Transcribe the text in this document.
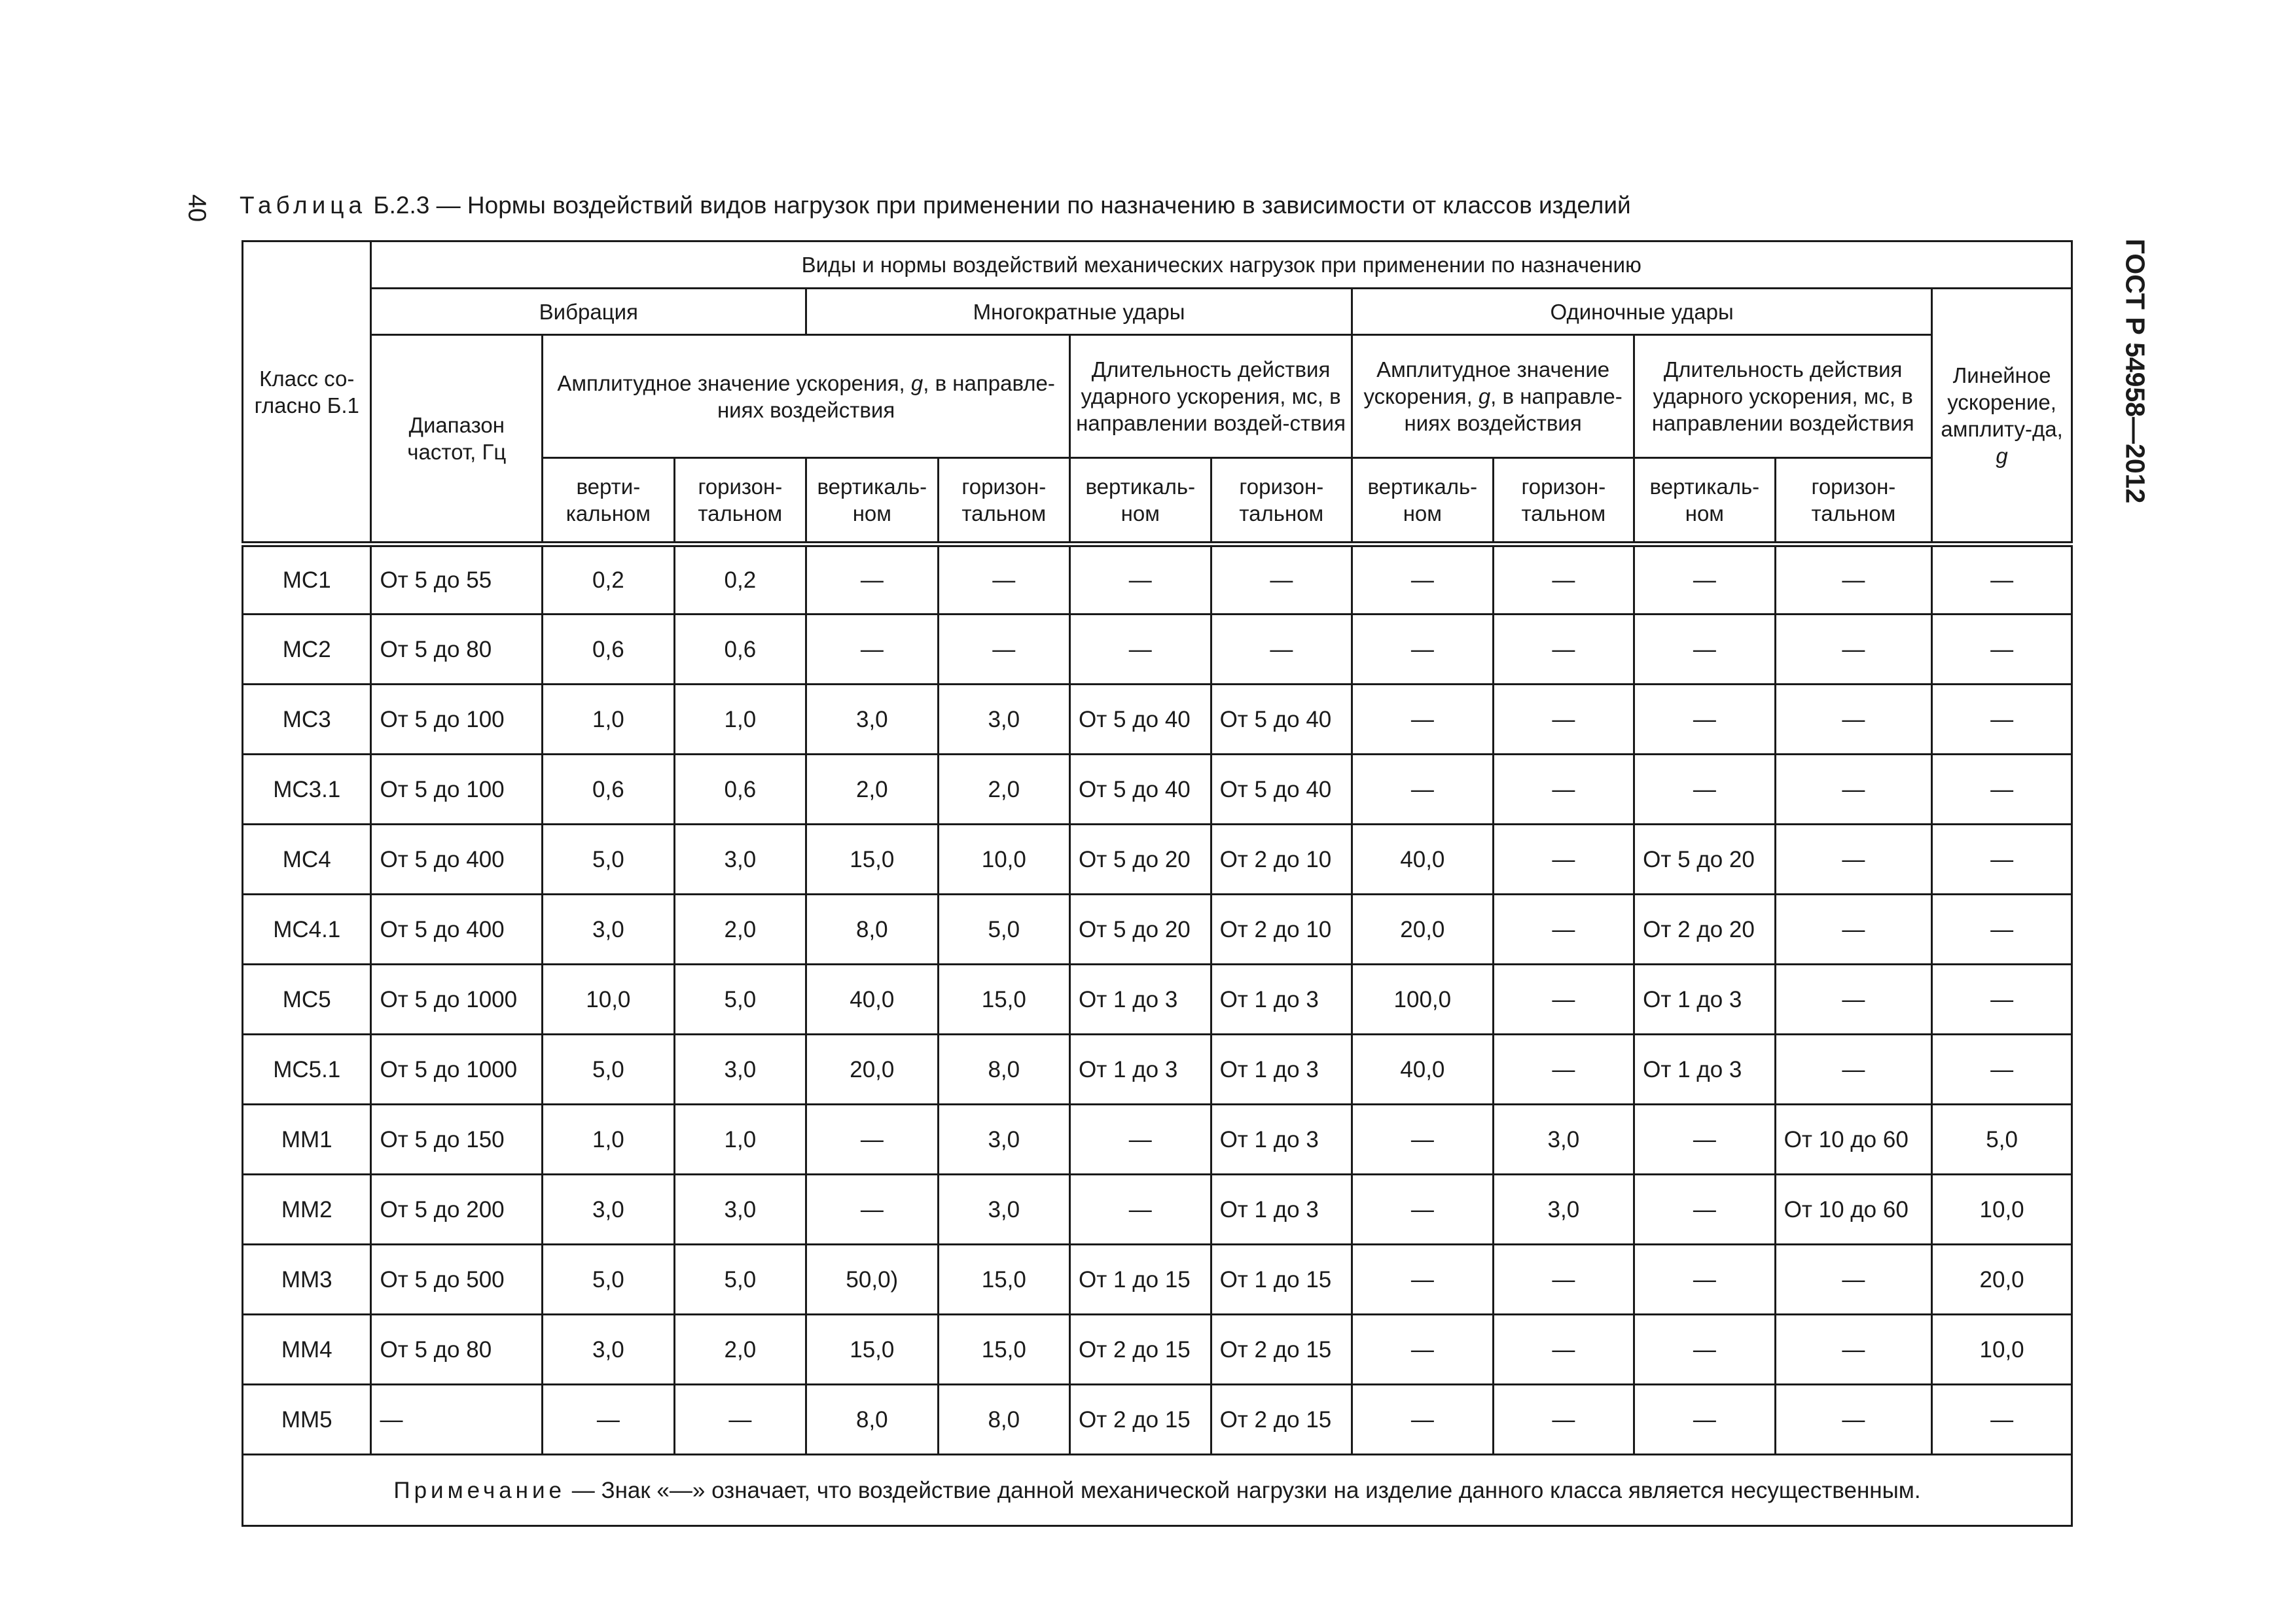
40
ГОСТ Р 54958—2012
Таблица Б.2.3 — Нормы воздействий видов нагрузок при применении по назначению в зависимости от классов изделий
Класс со-гласно Б.1	Виды и нормы воздействий механических нагрузок при применении по назначению											
	Вибрация			Многократные удары				Одиночные удары				Линейное ускорение, амплиту-да, g
	Диапазон частот, Гц	Амплитудное значение ускорения, g, в направле-ниях воздействия				Длительность действия ударного ускорения, мс, в направлении воздей-ствия		Амплитудное значение ускорения, g, в направле-ниях воздействия		Длительность действия ударного ускорения, мс, в направлении воздействия		
		верти-кальном	горизон-тальном	вертикаль-ном	горизон-тальном	вертикаль-ном	горизон-тальном	вертикаль-ном	горизон-тальном	вертикаль-ном	горизон-тальном	
МС1	От 5 до 55	0,2	0,2	—	—	—	—	—	—	—	—	—
МС2	От 5 до 80	0,6	0,6	—	—	—	—	—	—	—	—	—
МС3	От 5 до 100	1,0	1,0	3,0	3,0	От 5 до 40	От 5 до 40	—	—	—	—	—
МС3.1	От 5 до 100	0,6	0,6	2,0	2,0	От 5 до 40	От 5 до 40	—	—	—	—	—
МС4	От 5 до 400	5,0	3,0	15,0	10,0	От 5 до 20	От 2 до 10	40,0	—	От 5 до 20	—	—
МС4.1	От 5 до 400	3,0	2,0	8,0	5,0	От 5 до 20	От 2 до 10	20,0	—	От 2 до 20	—	—
МС5	От 5 до 1000	10,0	5,0	40,0	15,0	От 1 до 3	От 1 до 3	100,0	—	От 1 до 3	—	—
МС5.1	От 5 до 1000	5,0	3,0	20,0	8,0	От 1 до 3	От 1 до 3	40,0	—	От 1 до 3	—	—
ММ1	От 5 до 150	1,0	1,0	—	3,0	—	От 1 до 3	—	3,0	—	От 10 до 60	5,0
ММ2	От 5 до 200	3,0	3,0	—	3,0	—	От 1 до 3	—	3,0	—	От 10 до 60	10,0
ММ3	От 5 до 500	5,0	5,0	50,0)	15,0	От 1 до 15	От 1 до 15	—	—	—	—	20,0
ММ4	От 5 до 80	3,0	2,0	15,0	15,0	От 2 до 15	От 2 до 15	—	—	—	—	10,0
ММ5	—	—	—	8,0	8,0	От 2 до 15	От 2 до 15	—	—	—	—	—
Примечание — Знак «—» означает, что воздействие данной механической нагрузки на изделие данного класса является несущественным.												
